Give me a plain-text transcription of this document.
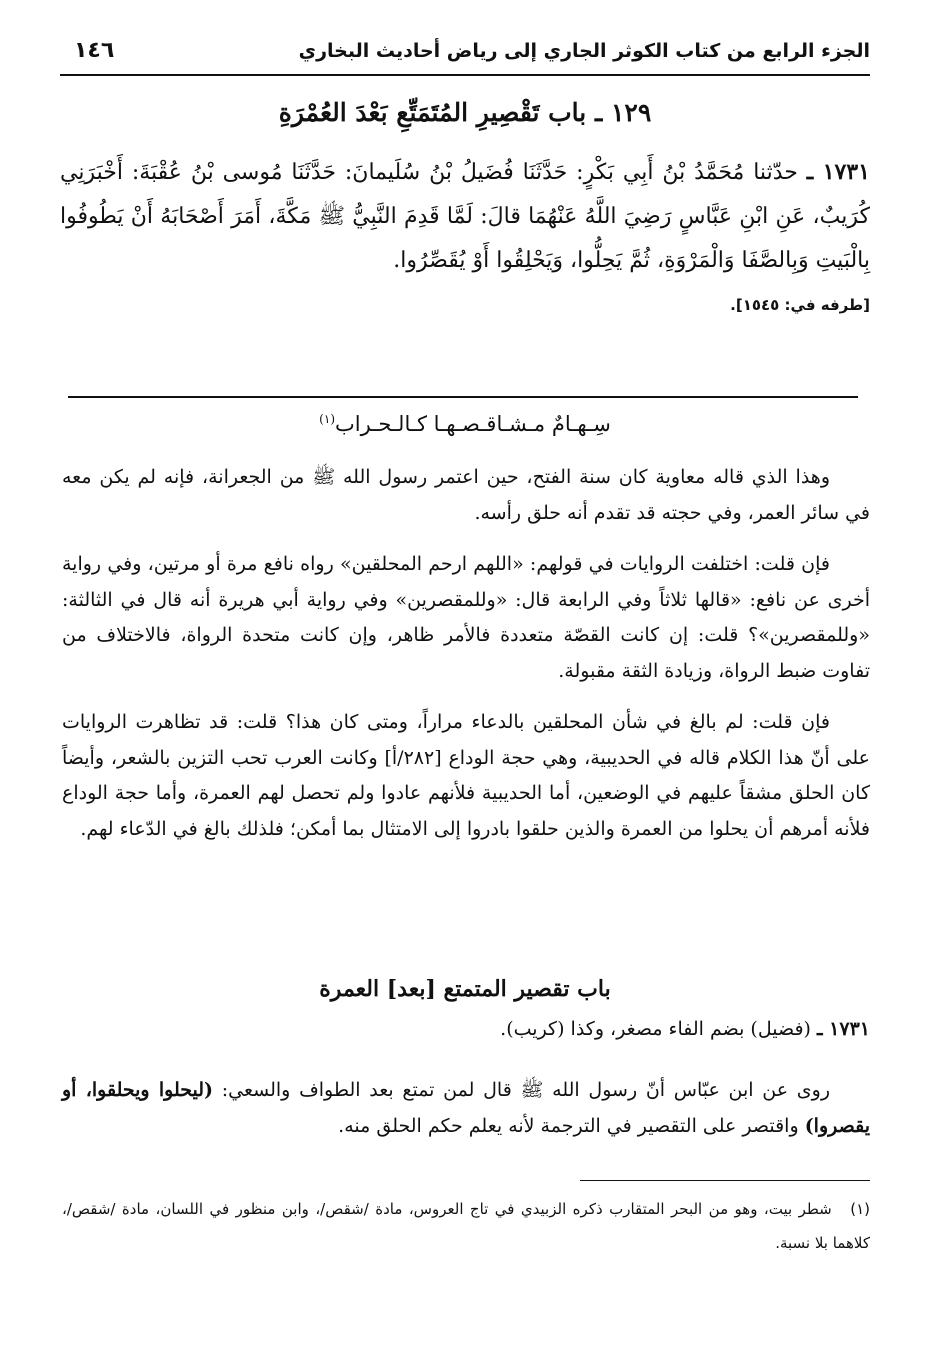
الجزء الرابع من كتاب الكوثر الجاري إلى رياض أحاديث البخاري
١٤٦
١٢٩ ـ باب تَقْصِيرِ المُتَمَتِّعِ بَعْدَ العُمْرَةِ
١٧٣١ ـ حدّثنا مُحَمَّدُ بْنُ أَبِي بَكْرٍ: حَدَّثَنَا فُضَيلُ بْنُ سُلَيمانَ: حَدَّثَنَا مُوسى بْنُ عُقْبَةَ: أَخْبَرَنِي كُرَيبٌ، عَنِ ابْنِ عَبَّاسٍ رَضِيَ اللَّهُ عَنْهُمَا قالَ: لَمَّا قَدِمَ النَّبِيُّ ﷺ مَكَّةَ، أَمَرَ أَصْحَابَهُ أَنْ يَطُوفُوا بِالْبَيتِ وَبِالصَّفَا وَالْمَرْوَةِ، ثُمَّ يَحِلُّوا، وَيَحْلِقُوا أَوْ يُقَصِّرُوا.
[طرفه في: ١٥٤٥].
سِـهـامٌ مـشـاقـصـهـا كـالـحـراب$^{(١)}$

وهذا الذي قاله معاوية كان سنة الفتح، حين اعتمر رسول الله ﷺ من الجعرانة، فإنه لم يكن معه في سائر العمر، وفي حجته قد تقدم أنه حلق رأسه.

فإن قلت: اختلفت الروايات في قولهم: «اللهم ارحم المحلقين» رواه نافع مرة أو مرتين، وفي رواية أخرى عن نافع: «قالها ثلاثاً وفي الرابعة قال: «وللمقصرين» وفي رواية أبي هريرة أنه قال في الثالثة: «وللمقصرين»؟ قلت: إن كانت القصّة متعددة فالأمر ظاهر، وإن كانت متحدة الرواة، فالاختلاف من تفاوت ضبط الرواة، وزيادة الثقة مقبولة.

فإن قلت: لم بالغ في شأن المحلقين بالدعاء مراراً، ومتى كان هذا؟ قلت: قد تظاهرت الروايات على أنّ هذا الكلام قاله في الحديبية، وهي حجة الوداع [٢٨٢/أ] وكانت العرب تحب التزين بالشعر، وأيضاً كان الحلق مشقاً عليهم في الوضعين، أما الحديبية فلأنهم عادوا ولم تحصل لهم العمرة، وأما حجة الوداع فلأنه أمرهم أن يحلوا من العمرة والذين حلقوا بادروا إلى الامتثال بما أمكن؛ فلذلك بالغ في الدّعاء لهم.

باب تقصير المتمتع [بعد] العمرة
١٧٣١ ـ (فضيل) بضم الفاء مصغر، وكذا (كريب).
روى عن ابن عبّاس أنّ رسول الله ﷺ قال لمن تمتع بعد الطواف والسعي: (ليحلوا ويحلقوا، أو يقصروا) واقتصر على التقصير في الترجمة لأنه يعلم حكم الحلق منه.
(١) شطر بيت، وهو من البحر المتقارب ذكره الزبيدي في تاج العروس، مادة /شقص/، وابن منظور في اللسان، مادة /شقص/، كلاهما بلا نسبة.
